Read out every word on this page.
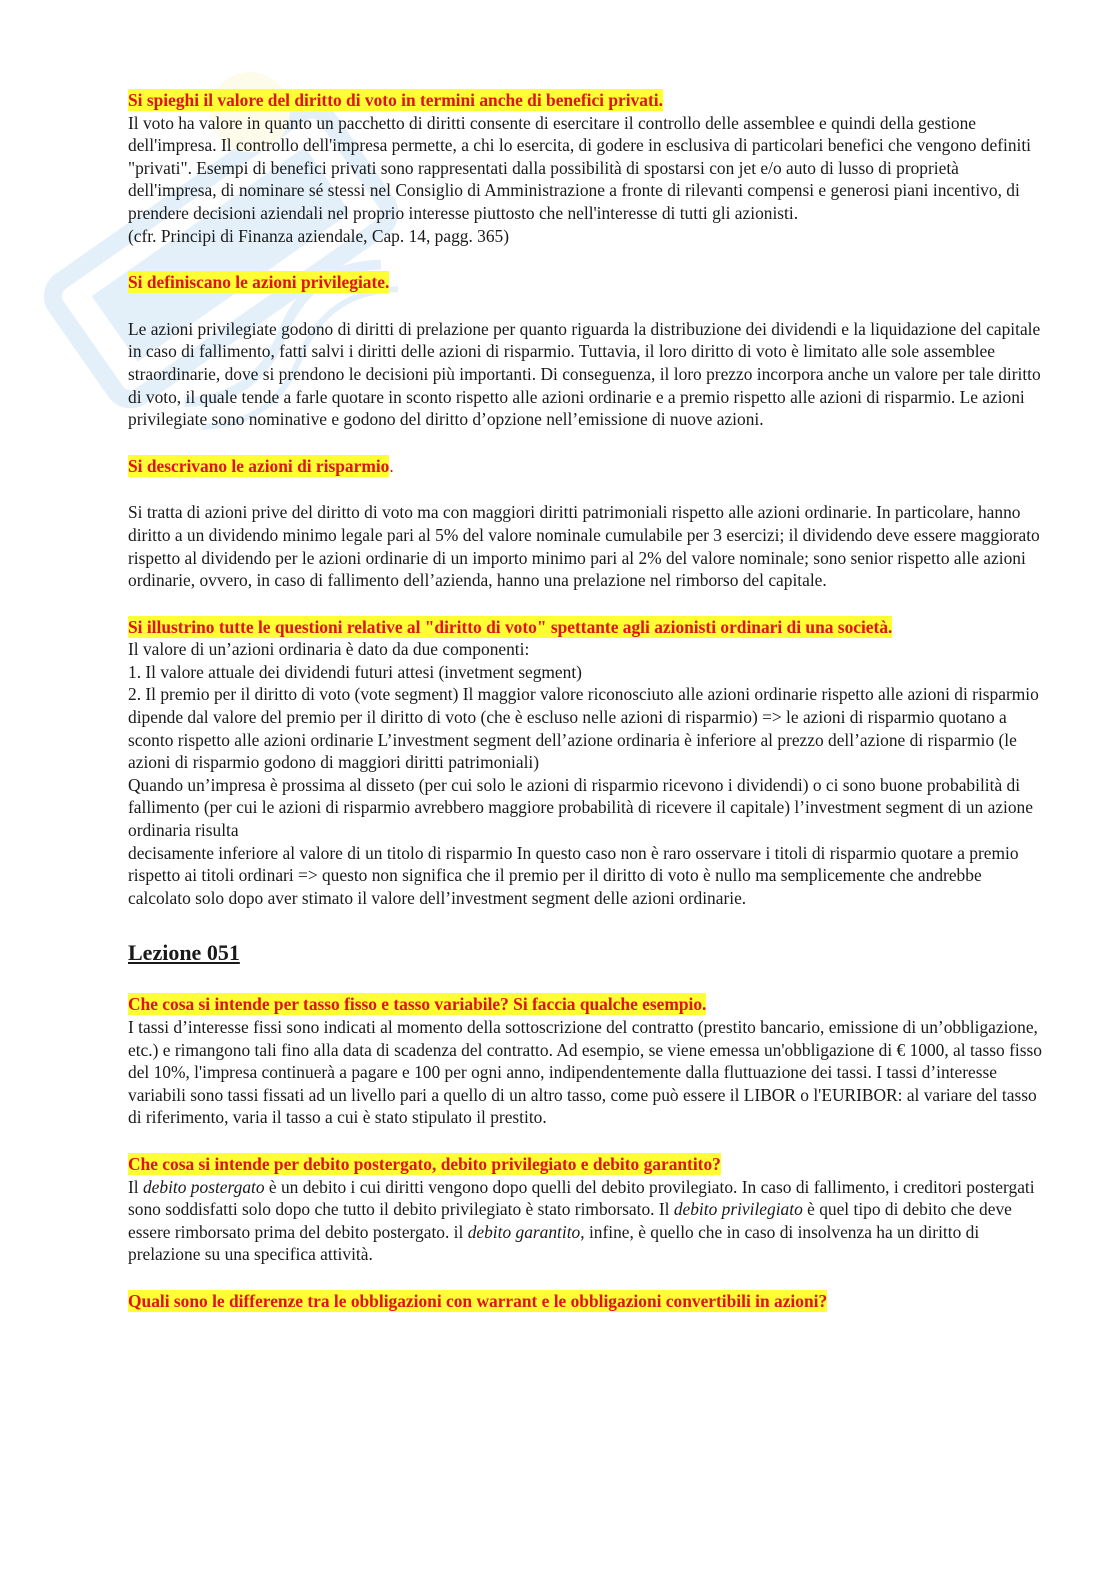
Si spieghi il valore del diritto di voto in termini anche di benefici privati.

Il voto ha valore in quanto un pacchetto di diritti consente di esercitare il controllo delle assemblee e quindi della gestione dell'impresa. Il controllo dell'impresa permette, a chi lo esercita, di godere in esclusiva di particolari benefici che vengono definiti "privati". Esempi di benefici privati sono rappresentati dalla possibilità di spostarsi con jet e/o auto di lusso di proprietà dell'impresa, di nominare sé stessi nel Consiglio di Amministrazione a fronte di rilevanti compensi e generosi piani incentivo, di prendere decisioni aziendali nel proprio interesse piuttosto che nell'interesse di tutti gli azionisti.

(cfr. Principi di Finanza aziendale, Cap. 14, pagg. 365)

Si definiscano le azioni privilegiate.

Le azioni privilegiate godono di diritti di prelazione per quanto riguarda la distribuzione dei dividendi e la liquidazione del capitale in caso di fallimento, fatti salvi i diritti delle azioni di risparmio. Tuttavia, il loro diritto di voto è limitato alle sole assemblee straordinarie, dove si prendono le decisioni più importanti. Di conseguenza, il loro prezzo incorpora anche un valore per tale diritto di voto, il quale tende a farle quotare in sconto rispetto alle azioni ordinarie e a premio rispetto alle azioni di risparmio. Le azioni privilegiate sono nominative e godono del diritto d’opzione nell’emissione di nuove azioni.

Si descrivano le azioni di risparmio.

Si tratta di azioni prive del diritto di voto ma con maggiori diritti patrimoniali rispetto alle azioni ordinarie. In particolare, hanno diritto a un dividendo minimo legale pari al 5% del valore nominale cumulabile per 3 esercizi; il dividendo deve essere maggiorato rispetto al dividendo per le azioni ordinarie di un importo minimo pari al 2% del valore nominale; sono senior rispetto alle azioni ordinarie, ovvero, in caso di fallimento dell’azienda, hanno una prelazione nel rimborso del capitale.

Si illustrino tutte le questioni relative al "diritto di voto" spettante agli azionisti ordinari di una società.

Il valore di un’azioni ordinaria è dato da due componenti:

1. Il valore attuale dei dividendi futuri attesi (invetment segment)

2. Il premio per il diritto di voto (vote segment) Il maggior valore riconosciuto alle azioni ordinarie rispetto alle azioni di risparmio dipende dal valore del premio per il diritto di voto (che è escluso nelle azioni di risparmio) => le azioni di risparmio quotano a sconto rispetto alle azioni ordinarie L’investment segment dell’azione ordinaria è inferiore al prezzo dell’azione di risparmio (le azioni di risparmio godono di maggiori diritti patrimoniali)

Quando un’impresa è prossima al disseto (per cui solo le azioni di risparmio ricevono i dividendi) o ci sono buone probabilità di fallimento (per cui le azioni di risparmio avrebbero maggiore probabilità di ricevere il capitale) l’investment segment di un azione ordinaria risulta

decisamente inferiore al valore di un titolo di risparmio In questo caso non è raro osservare i titoli di risparmio quotare a premio rispetto ai titoli ordinari => questo non significa che il premio per il diritto di voto è nullo ma semplicemente che andrebbe calcolato solo dopo aver stimato il valore dell’investment segment delle azioni ordinarie.

Lezione 051
Che cosa si intende per tasso fisso e tasso variabile? Si faccia qualche esempio.

I tassi d’interesse fissi sono indicati al momento della sottoscrizione del contratto (prestito bancario, emissione di un’obbligazione, etc.) e rimangono tali fino alla data di scadenza del contratto. Ad esempio, se viene emessa un'obbligazione di € 1000, al tasso fisso del 10%, l'impresa continuerà a pagare e 100 per ogni anno, indipendentemente dalla fluttuazione dei tassi. I tassi d’interesse variabili sono tassi fissati ad un livello pari a quello di un altro tasso, come può essere il LIBOR o l'EURIBOR: al variare del tasso di riferimento, varia il tasso a cui è stato stipulato il prestito.

Che cosa si intende per debito postergato, debito privilegiato e debito garantito?

Il debito postergato è un debito i cui diritti vengono dopo quelli del debito provilegiato. In caso di fallimento, i creditori postergati sono soddisfatti solo dopo che tutto il debito privilegiato è stato rimborsato. Il debito privilegiato è quel tipo di debito che deve essere rimborsato prima del debito postergato. il debito garantito, infine, è quello che in caso di insolvenza ha un diritto di prelazione su una specifica attività.

Quali sono le differenze tra le obbligazioni con warrant e le obbligazioni convertibili in azioni?
